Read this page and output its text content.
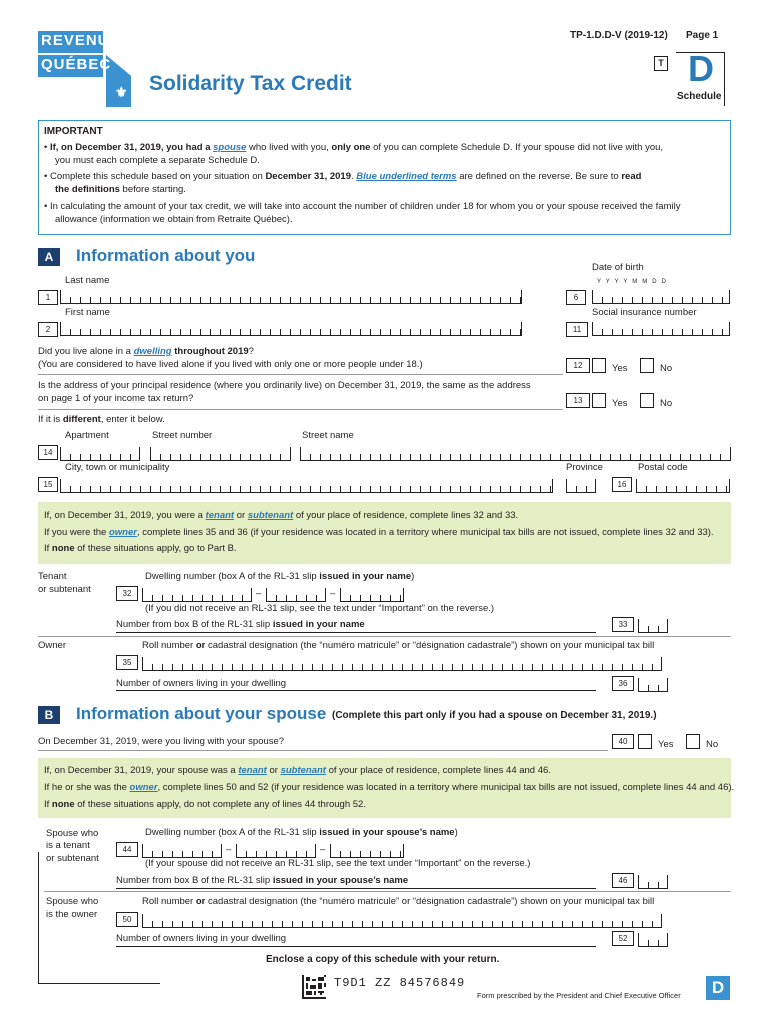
⚜
REVENU
QUÉBEC
Solidarity Tax Credit
TP-1.D.D-V (2019-12) Page 1
T D
Schedule
IMPORTANT
• If, on December 31, 2019, you had a spouse who lived with you, only one of you can complete Schedule D. If your spouse did not live with you,
you must each complete a separate Schedule D.
• Complete this schedule based on your situation on December 31, 2019. Blue underlined terms are defined on the reverse. Be sure to read
the definitions before starting.
• In calculating the amount of your tax credit, we will take into account the number of children under 18 for whom you or your spouse received the family
allowance (information we obtain from Retraite Québec).
A	Information about you
Last name
1
Date of birth
Y   Y   Y   Y   M   M   D   D
6
First name
2
Social insurance number
11
Did you live alone in a dwelling throughout 2019?
(You are considered to have lived alone if you lived with only one or more people under 18.)	12	Yes	No
Is the address of your principal residence (where you ordinarily live) on December 31, 2019, the same as the address
on page 1 of your income tax return?	13	Yes	No
If it is different, enter it below.
Apartment	Street number	Street name
14
City, town or municipality	Province	Postal code
15	16
If, on December 31, 2019, you were a tenant or subtenant of your place of residence, complete lines 32 and 33.
If you were the owner, complete lines 35 and 36 (if your residence was located in a territory where municipal tax bills are not issued, complete lines 32 and 33).
If none of these situations apply, go to Part B.
Tenant
or subtenant
Dwelling number (box A of the RL-31 slip issued in your name)
32	–	–
(If you did not receive an RL-31 slip, see the text under “Important” on the reverse.)
Number from box B of the RL-31 slip issued in your name	33
Owner	Roll number or cadastral designation (the “numéro matricule” or “désignation cadastrale”) shown on your municipal tax bill
35
Number of owners living in your dwelling	36
B	Information about your spouse (Complete this part only if you had a spouse on December 31, 2019.)
On December 31, 2019, were you living with your spouse?	40	Yes	No
If, on December 31, 2019, your spouse was a tenant or subtenant of your place of residence, complete lines 44 and 46.
If he or she was the owner, complete lines 50 and 52 (if your residence was located in a territory where municipal tax bills are not issued, complete lines 44 and 46).
If none of these situations apply, do not complete any of lines 44 through 52.
Spouse who
is a tenant
or subtenant
Dwelling number (box A of the RL-31 slip issued in your spouse’s name)
44	–	–
(If your spouse did not receive an RL-31 slip, see the text under “Important” on the reverse.)
Number from box B of the RL-31 slip issued in your spouse’s name	46
Spouse who
is the owner
Roll number or cadastral designation (the “numéro matricule” or “désignation cadastrale”) shown on your municipal tax bill
50
Number of owners living in your dwelling	52
Enclose a copy of this schedule with your return.
T9D1 ZZ 84576849
Form prescribed by the President and Chief Executive Officer	D
